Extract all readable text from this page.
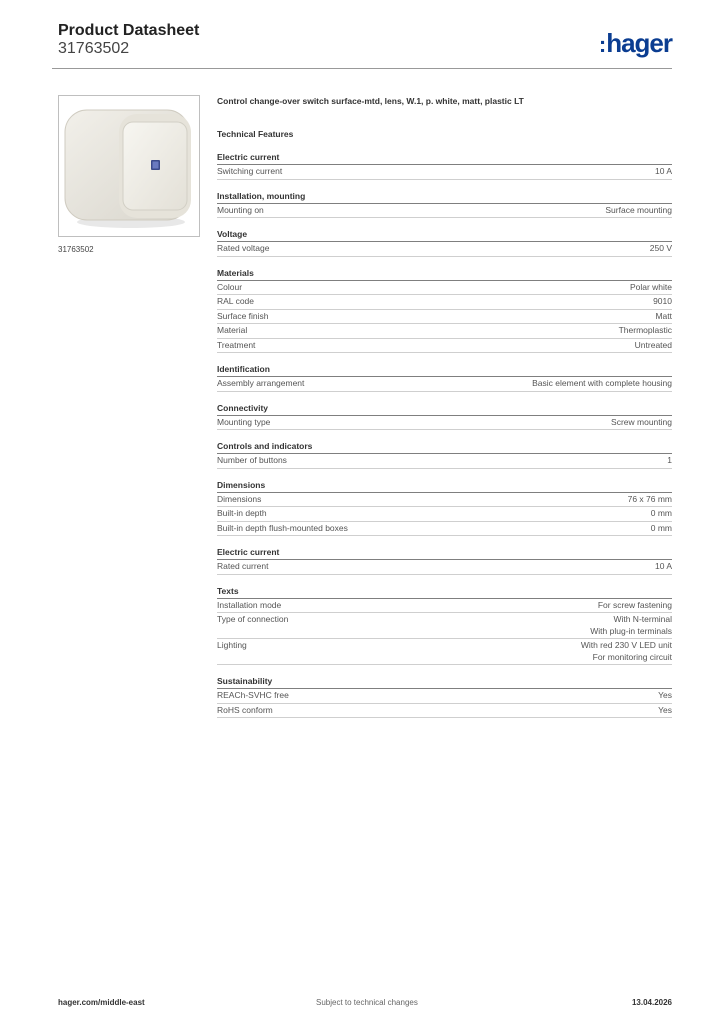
Product Datasheet
31763502	:hager
31763502
Control change-over switch surface-mtd, lens, W.1, p. white, matt, plastic LT
Technical Features
Electric current
Switching current	10 A
Installation, mounting
Mounting on	Surface mounting
Voltage
Rated voltage	250 V
Materials
Colour	Polar white
RAL code	9010
Surface finish	Matt
Material	Thermoplastic
Treatment	Untreated
Identification
Assembly arrangement	Basic element with complete housing
Connectivity
Mounting type	Screw mounting
Controls and indicators
Number of buttons	1
Dimensions
Dimensions	76 x 76 mm
Built-in depth	0 mm
Built-in depth flush-mounted boxes	0 mm
Electric current
Rated current	10 A
Texts
Installation mode	For screw fastening
Type of connection	With N-terminal
With plug-in terminals
Lighting	With red 230 V LED unit
For monitoring circuit
Sustainability
REACh-SVHC free	Yes
RoHS conform	Yes
hager.com/middle-east	Subject to technical changes	13.04.2026
